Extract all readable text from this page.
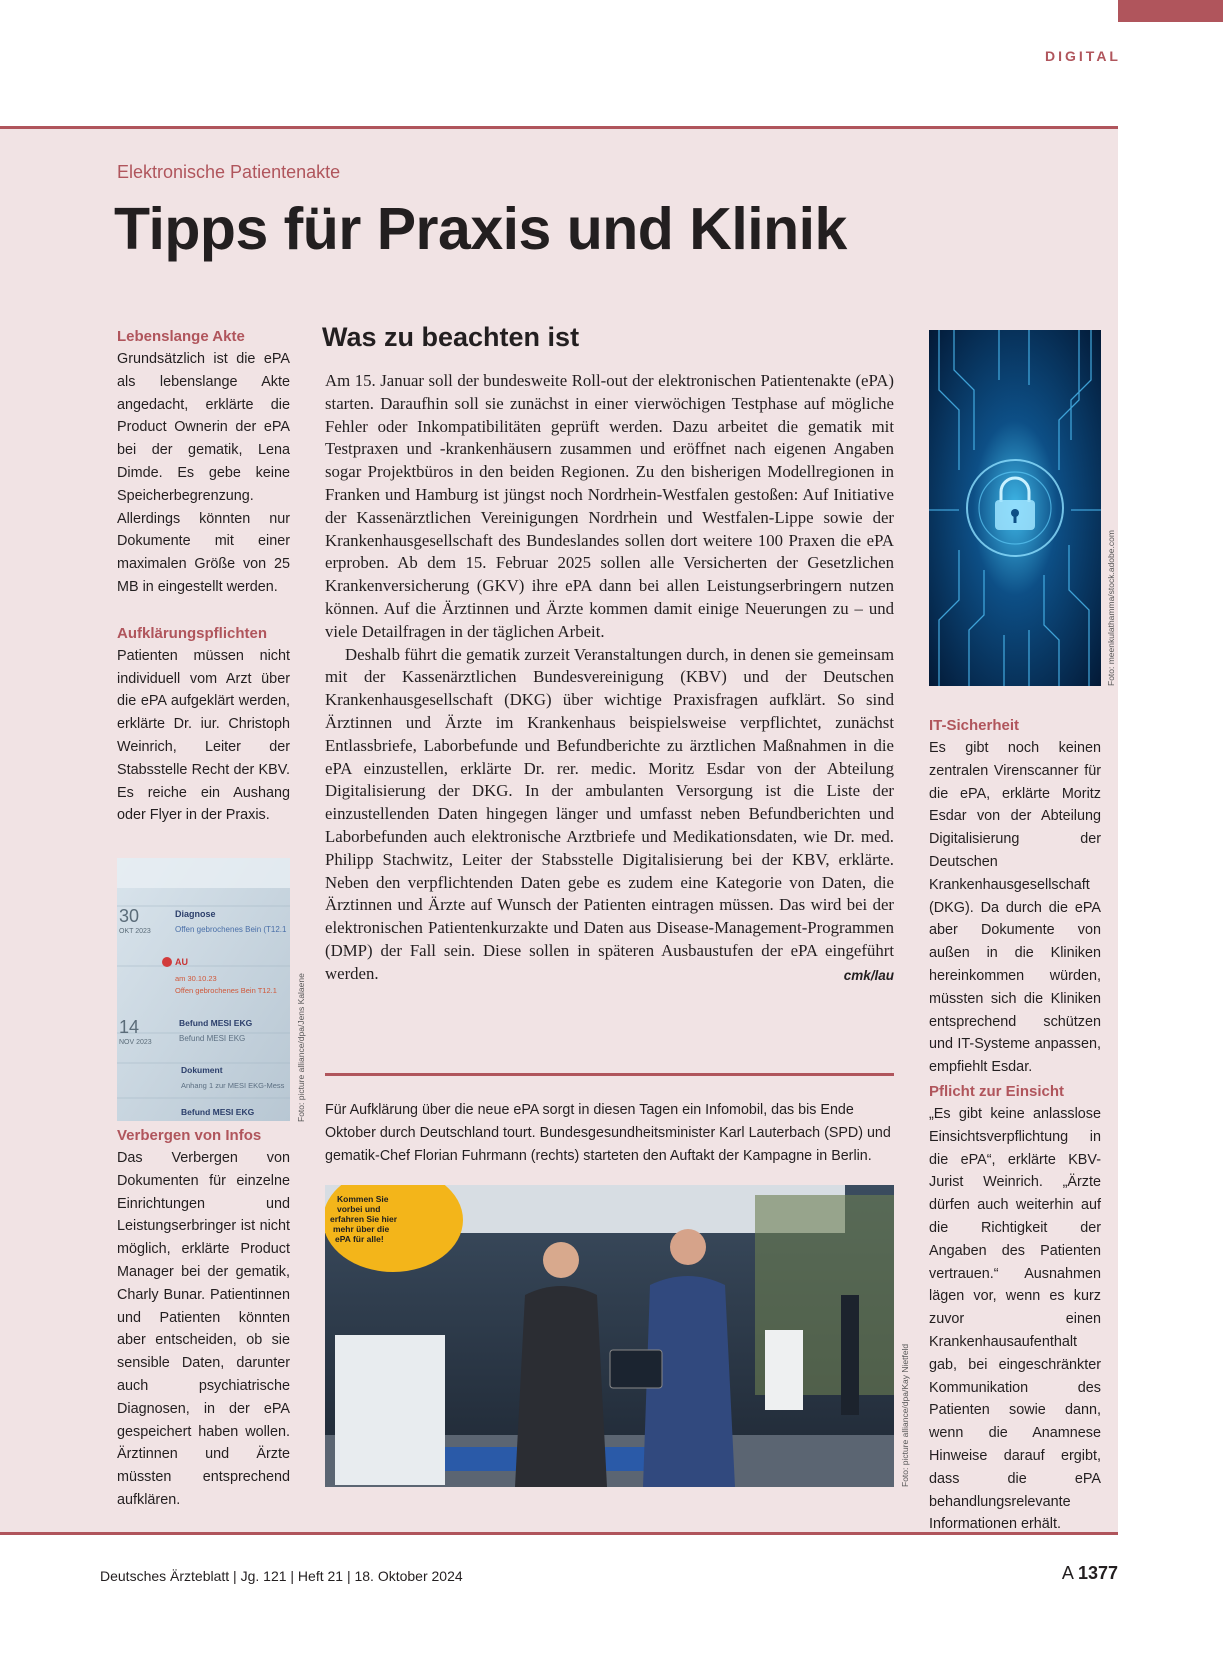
DIGITAL
Elektronische Patientenakte
Tipps für Praxis und Klinik
Lebenslange Akte

Grundsätzlich ist die ePA als lebenslange Akte angedacht, erklärte die Product Ownerin der ePA bei der gematik, Lena Dimde. Es gebe keine Speicherbegrenzung. Allerdings könnten nur Dokumente mit einer maximalen Größe von 25 MB in eingestellt werden.

Aufklärungspflichten

Patienten müssen nicht individuell vom Arzt über die ePA aufgeklärt werden, erklärte Dr. iur. Christoph Weinrich, Leiter der Stabsstelle Recht der KBV. Es reiche ein Aushang oder Flyer in der Praxis.

30
OKT 2023
Diagnose
Offen gebrochenes Bein (T12.1
AU
am 30.10.23
Offen gebrochenes Bein T12.1
14
NOV 2023
Befund MESI EKG
Befund MESI EKG
Dokument
Anhang 1 zur MESI EKG-Mess
Befund MESI EKG	Foto: picture alliance/dpa/Jens Kalaene
Verbergen von Infos

Das Verbergen von Dokumenten für einzelne Einrichtungen und Leistungserbringer ist nicht möglich, erklärte Product Manager bei der gematik, Charly Bunar. Patientinnen und Patienten könnten aber entscheiden, ob sie sensible Daten, darunter auch psychiatrische Diagnosen, in der ePA gespeichert haben wollen. Ärztinnen und Ärzte müssten entsprechend aufklären.

Was zu beachten ist

Am 15. Januar soll der bundesweite Roll-out der elektronischen Patientenakte (ePA) starten. Daraufhin soll sie zunächst in einer vierwöchigen Testphase auf mögliche Fehler oder Inkompatibilitäten geprüft werden. Dazu arbeitet die gematik mit Testpraxen und -krankenhäusern zusammen und eröffnet nach eigenen Angaben sogar Projektbüros in den beiden Regionen. Zu den bisherigen Modellregionen in Franken und Hamburg ist jüngst noch Nordrhein-Westfalen gestoßen: Auf Initiative der Kassenärztlichen Vereinigungen Nordrhein und Westfalen-Lippe sowie der Krankenhausgesellschaft des Bundeslandes sollen dort weitere 100 Praxen die ePA erproben. Ab dem 15. Februar 2025 sollen alle Versicherten der Gesetzlichen Krankenversicherung (GKV) ihre ePA dann bei allen Leistungserbringern nutzen können. Auf die Ärztinnen und Ärzte kommen damit einige Neuerungen zu – und viele Detailfragen in der täglichen Arbeit.

Deshalb führt die gematik zurzeit Veranstaltungen durch, in denen sie gemeinsam mit der Kassenärztlichen Bundesvereinigung (KBV) und der Deutschen Krankenhausgesellschaft (DKG) über wichtige Praxisfragen aufklärt. So sind Ärztinnen und Ärzte im Krankenhaus beispielsweise verpflichtet, zunächst Entlassbriefe, Laborbefunde und Befundberichte zu ärztlichen Maßnahmen in die ePA einzustellen, erklärte Dr. rer. medic. Moritz Esdar von der Abteilung Digitalisierung der DKG. In der ambulanten Versorgung ist die Liste der einzustellenden Daten hingegen länger und umfasst neben Befundberichten und Laborbefunden auch elektronische Arztbriefe und Medikationsdaten, wie Dr. med. Philipp Stachwitz, Leiter der Stabsstelle Digitalisierung bei der KBV, erklärte. Neben den verpflichtenden Daten gebe es zudem eine Kategorie von Daten, die Ärztinnen und Ärzte auf Wunsch der Patienten eintragen müssen. Das wird bei der elektronischen Patientenkurzakte und Daten aus Disease-Management-Programmen (DMP) der Fall sein. Diese sollen in späteren Ausbaustufen der ePA eingeführt werden.	cmk/lau

Für Aufklärung über die neue ePA sorgt in diesen Tagen ein Infomobil, das bis Ende Oktober durch Deutschland tourt. Bundesgesundheitsminister Karl Lauterbach (SPD) und gematik-Chef Florian Fuhrmann (rechts) starteten den Auftakt der Kampagne in Berlin.
Kommen Sie
vorbei und
erfahren Sie hier
mehr über die
ePA für alle!
Foto: picture alliance/dpa/Kay Nietfeld
Foto: meenkulathamma/stock.adobe.com
IT-Sicherheit

Es gibt noch keinen zentralen Virenscanner für die ePA, erklärte Moritz Esdar von der Abteilung Digitalisierung der Deutschen Krankenhausgesellschaft (DKG). Da durch die ePA aber Dokumente von außen in die Kliniken hereinkommen würden, müssten sich die Kliniken entsprechend schützen und IT-Systeme anpassen, empfiehlt Esdar.

Pflicht zur Einsicht

„Es gibt keine anlasslose Einsichtsverpflichtung in die ePA“, erklärte KBV-Jurist Weinrich. „Ärzte dürfen auch weiterhin auf die Richtigkeit der Angaben des Patienten vertrauen.“ Ausnahmen lägen vor, wenn es kurz zuvor einen Krankenhausaufenthalt gab, bei eingeschränkter Kommunikation des Patienten sowie dann, wenn die Anamnese Hinweise darauf ergibt, dass die ePA behandlungsrelevante Informationen erhält.

Deutsches Ärzteblatt | Jg. 121 | Heft 21 | 18. Oktober 2024	A 1377
